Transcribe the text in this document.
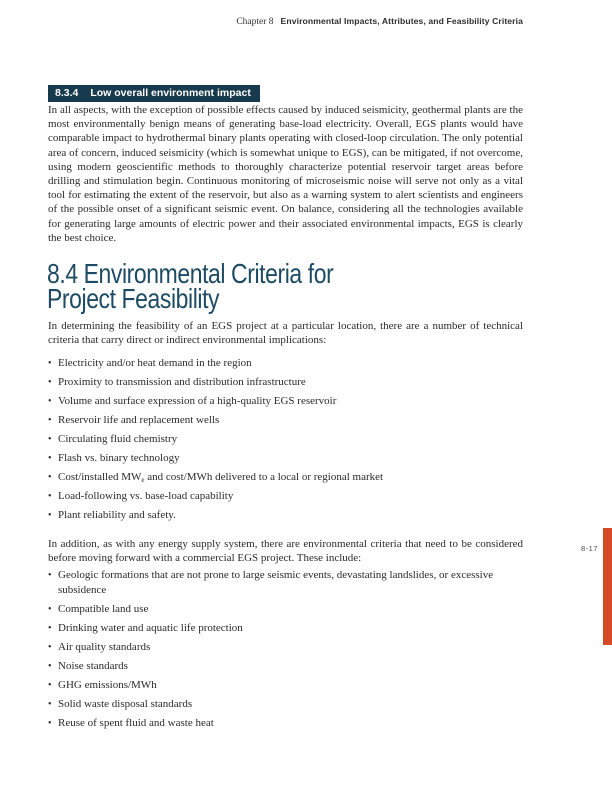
Chapter 8 Environmental Impacts, Attributes, and Feasibility Criteria
8.3.4 Low overall environment impact

In all aspects, with the exception of possible effects caused by induced seismicity, geothermal plants are the most environmentally benign means of generating base-load electricity. Overall, EGS plants would have comparable impact to hydrothermal binary plants operating with closed-loop circulation. The only potential area of concern, induced seismicity (which is somewhat unique to EGS), can be mitigated, if not overcome, using modern geoscientific methods to thoroughly characterize potential reservoir target areas before drilling and stimulation begin. Continuous monitoring of microseismic noise will serve not only as a vital tool for estimating the extent of the reservoir, but also as a warning system to alert scientists and engineers of the possible onset of a significant seismic event. On balance, considering all the technologies available for generating large amounts of electric power and their associated environmental impacts, EGS is clearly the best choice.

8.4 Environmental Criteria for
Project Feasibility

In determining the feasibility of an EGS project at a particular location, there are a number of technical criteria that carry direct or indirect environmental implications:

• Electricity and/or heat demand in the region
• Proximity to transmission and distribution infrastructure
• Volume and surface expression of a high-quality EGS reservoir
• Reservoir life and replacement wells
• Circulating fluid chemistry
• Flash vs. binary technology
• Cost/installed $MW_e$ and cost/MWh delivered to a local or regional market
• Load-following vs. base-load capability
• Plant reliability and safety.

In addition, as with any energy supply system, there are environmental criteria that need to be considered before moving forward with a commercial EGS project. These include:

• Geologic formations that are not prone to large seismic events, devastating landslides, or excessive subsidence
• Compatible land use
• Drinking water and aquatic life protection
• Air quality standards
• Noise standards
• GHG emissions/MWh
• Solid waste disposal standards
• Reuse of spent fluid and waste heat
8-17
